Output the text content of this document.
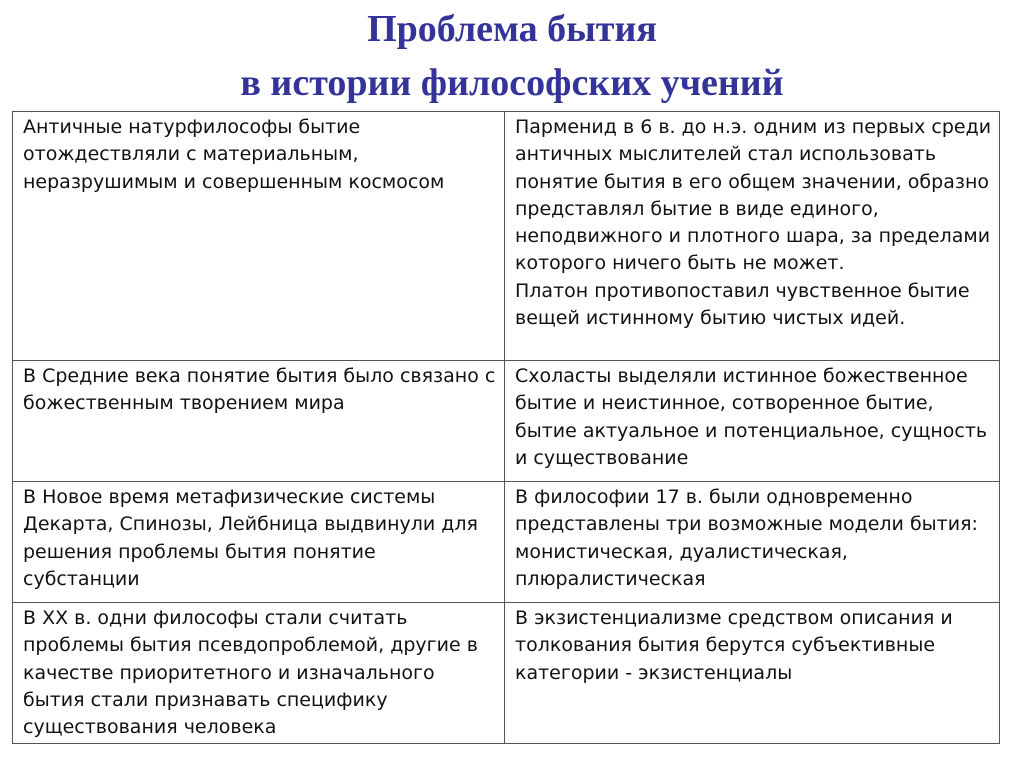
Проблема бытия
в истории философских учений
Античные натурфилософы бытие отождествляли с материальным, неразрушимым и совершенным космосом	Парменид в 6 в. до н.э. одним из первых среди античных мыслителей стал использовать понятие бытия в его общем значении, образно представлял бытие в виде единого, неподвижного и плотного шара, за пределами которого ничего быть не может.
Платон противопоставил чувственное бытие вещей истинному бытию чистых идей.
В Средние века понятие бытия было связано с божественным творением мира	Схоласты выделяли истинное божественное бытие и неистинное, сотворенное бытие, бытие актуальное и потенциальное, сущность и существование
В Новое время метафизические системы Декарта, Спинозы, Лейбница выдвинули для решения проблемы бытия понятие субстанции	В философии 17 в. были одновременно представлены три возможные модели бытия: монистическая, дуалистическая, плюралистическая
В XX в. одни философы стали считать проблемы бытия псевдопроблемой, другие в качестве приоритетного и изначального бытия стали признавать специфику существования человека	В экзистенциализме средством описания и толкования бытия берутся субъективные категории - экзистенциалы
